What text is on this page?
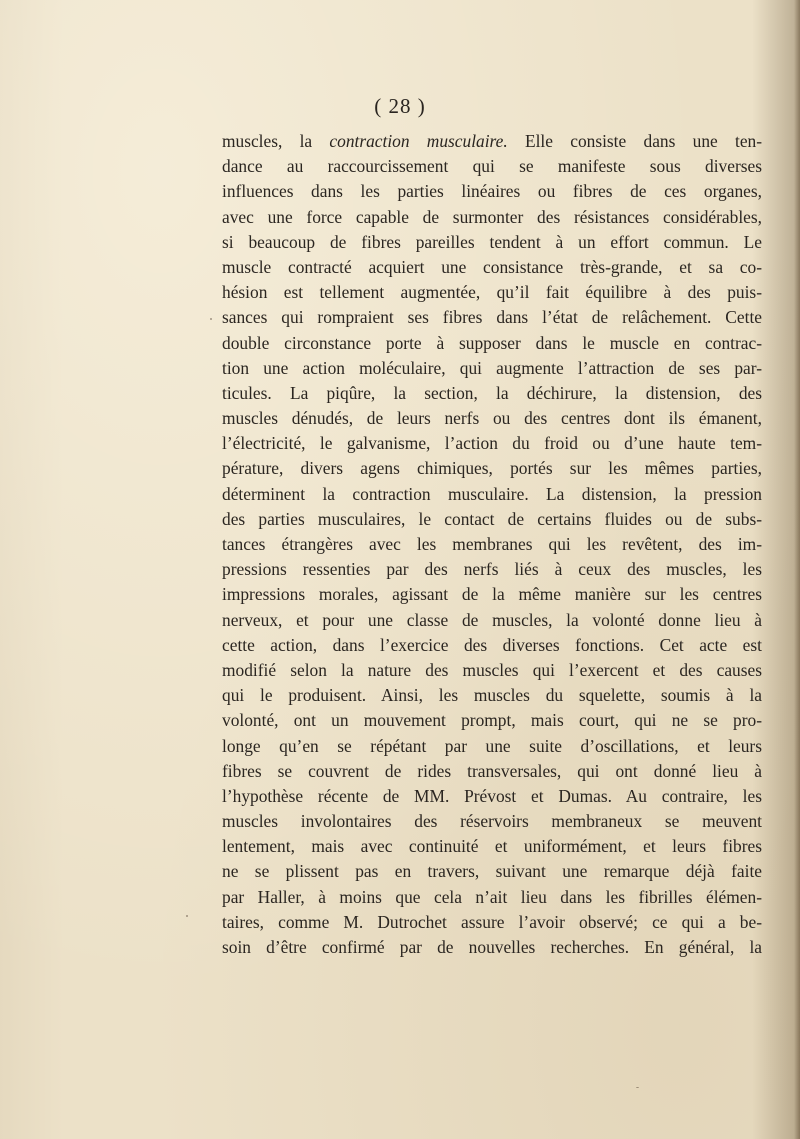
( 28 )
muscles, la contraction musculaire. Elle consiste dans une ten-
dance au raccourcissement qui se manifeste sous diverses
influences dans les parties linéaires ou fibres de ces organes,
avec une force capable de surmonter des résistances considérables,
si beaucoup de fibres pareilles tendent à un effort commun. Le
muscle contracté acquiert une consistance très-grande, et sa co-
hésion est tellement augmentée, qu’il fait équilibre à des puis-
sances qui romprаient ses fibres dans l’état de relâchement. Cette
double circonstance porte à supposer dans le muscle en contrac-
tion une action moléculaire, qui augmente l’attraction de ses par-
ticules. La piqûre, la section, la déchirure, la distension, des
muscles dénudés, de leurs nerfs ou des centres dont ils émanent,
l’électricité, le galvanisme, l’action du froid ou d’une haute tem-
pérature, divers agens chimiques, portés sur les mêmes parties,
déterminent la contraction musculaire. La distension, la pression
des parties musculaires, le contact de certains fluides ou de subs-
tances étrangères avec les membranes qui les revêtent, des im-
pressions ressenties par des nerfs liés à ceux des muscles, les
impressions morales, agissant de la même manière sur les centres
nerveux, et pour une classe de muscles, la volonté donne lieu à
cette action, dans l’exercice des diverses fonctions. Cet acte est
modifié selon la nature des muscles qui l’exercent et des causes
qui le produisent. Ainsi, les muscles du squelette, soumis à la
volonté, ont un mouvement prompt, mais court, qui ne se pro-
longe qu’en se répétant par une suite d’oscillations, et leurs
fibres se couvrent de rides transversales, qui ont donné lieu à
l’hypothèse récente de MM. Prévost et Dumas. Au contraire, les
muscles involontaires des réservoirs membraneux se meuvent
lentement, mais avec continuité et uniformément, et leurs fibres
ne se plissent pas en travers, suivant une remarque déjà faite
par Haller, à moins que cela n’ait lieu dans les fibrilles élémen-
taires, comme M. Dutrochet assure l’avoir observé; ce qui a be-
soin d’être confirmé par de nouvelles recherches. En général, la
